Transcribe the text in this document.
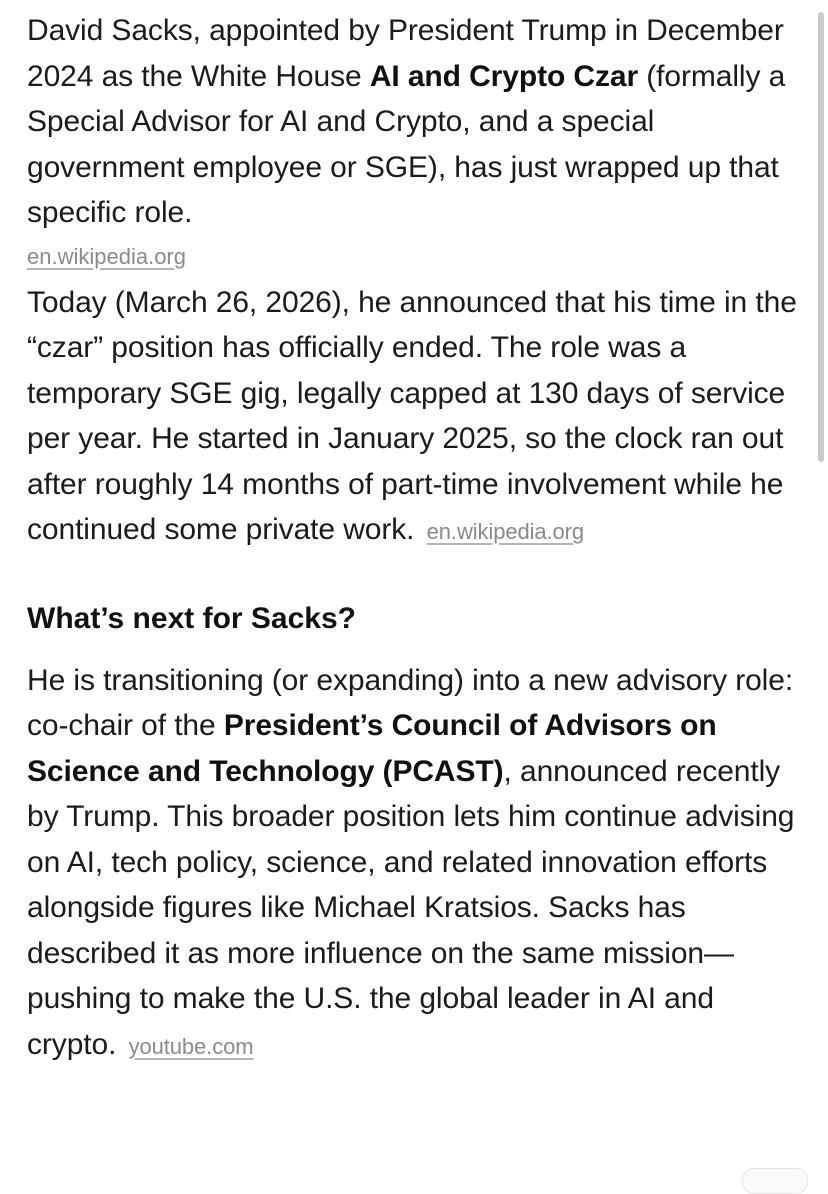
David Sacks, appointed by President Trump in December 2024 as the White House AI and Crypto Czar (formally a Special Advisor for AI and Crypto, and a special government employee or SGE), has just wrapped up that specific role.

en.wikipedia.org

Today (March 26, 2026), he announced that his time in the “czar” position has officially ended. The role was a temporary SGE gig, legally capped at 130 days of service per year. He started in January 2025, so the clock ran out after roughly 14 months of part-time involvement while he continued some private work. en.wikipedia.org

What’s next for Sacks?

He is transitioning (or expanding) into a new advisory role: co-chair of the President’s Council of Advisors on Science and Technology (PCAST), announced recently by Trump. This broader position lets him continue advising on AI, tech policy, science, and related innovation efforts alongside figures like Michael Kratsios. Sacks has described it as more influence on the same mission—pushing to make the U.S. the global leader in AI and crypto. youtube.com
